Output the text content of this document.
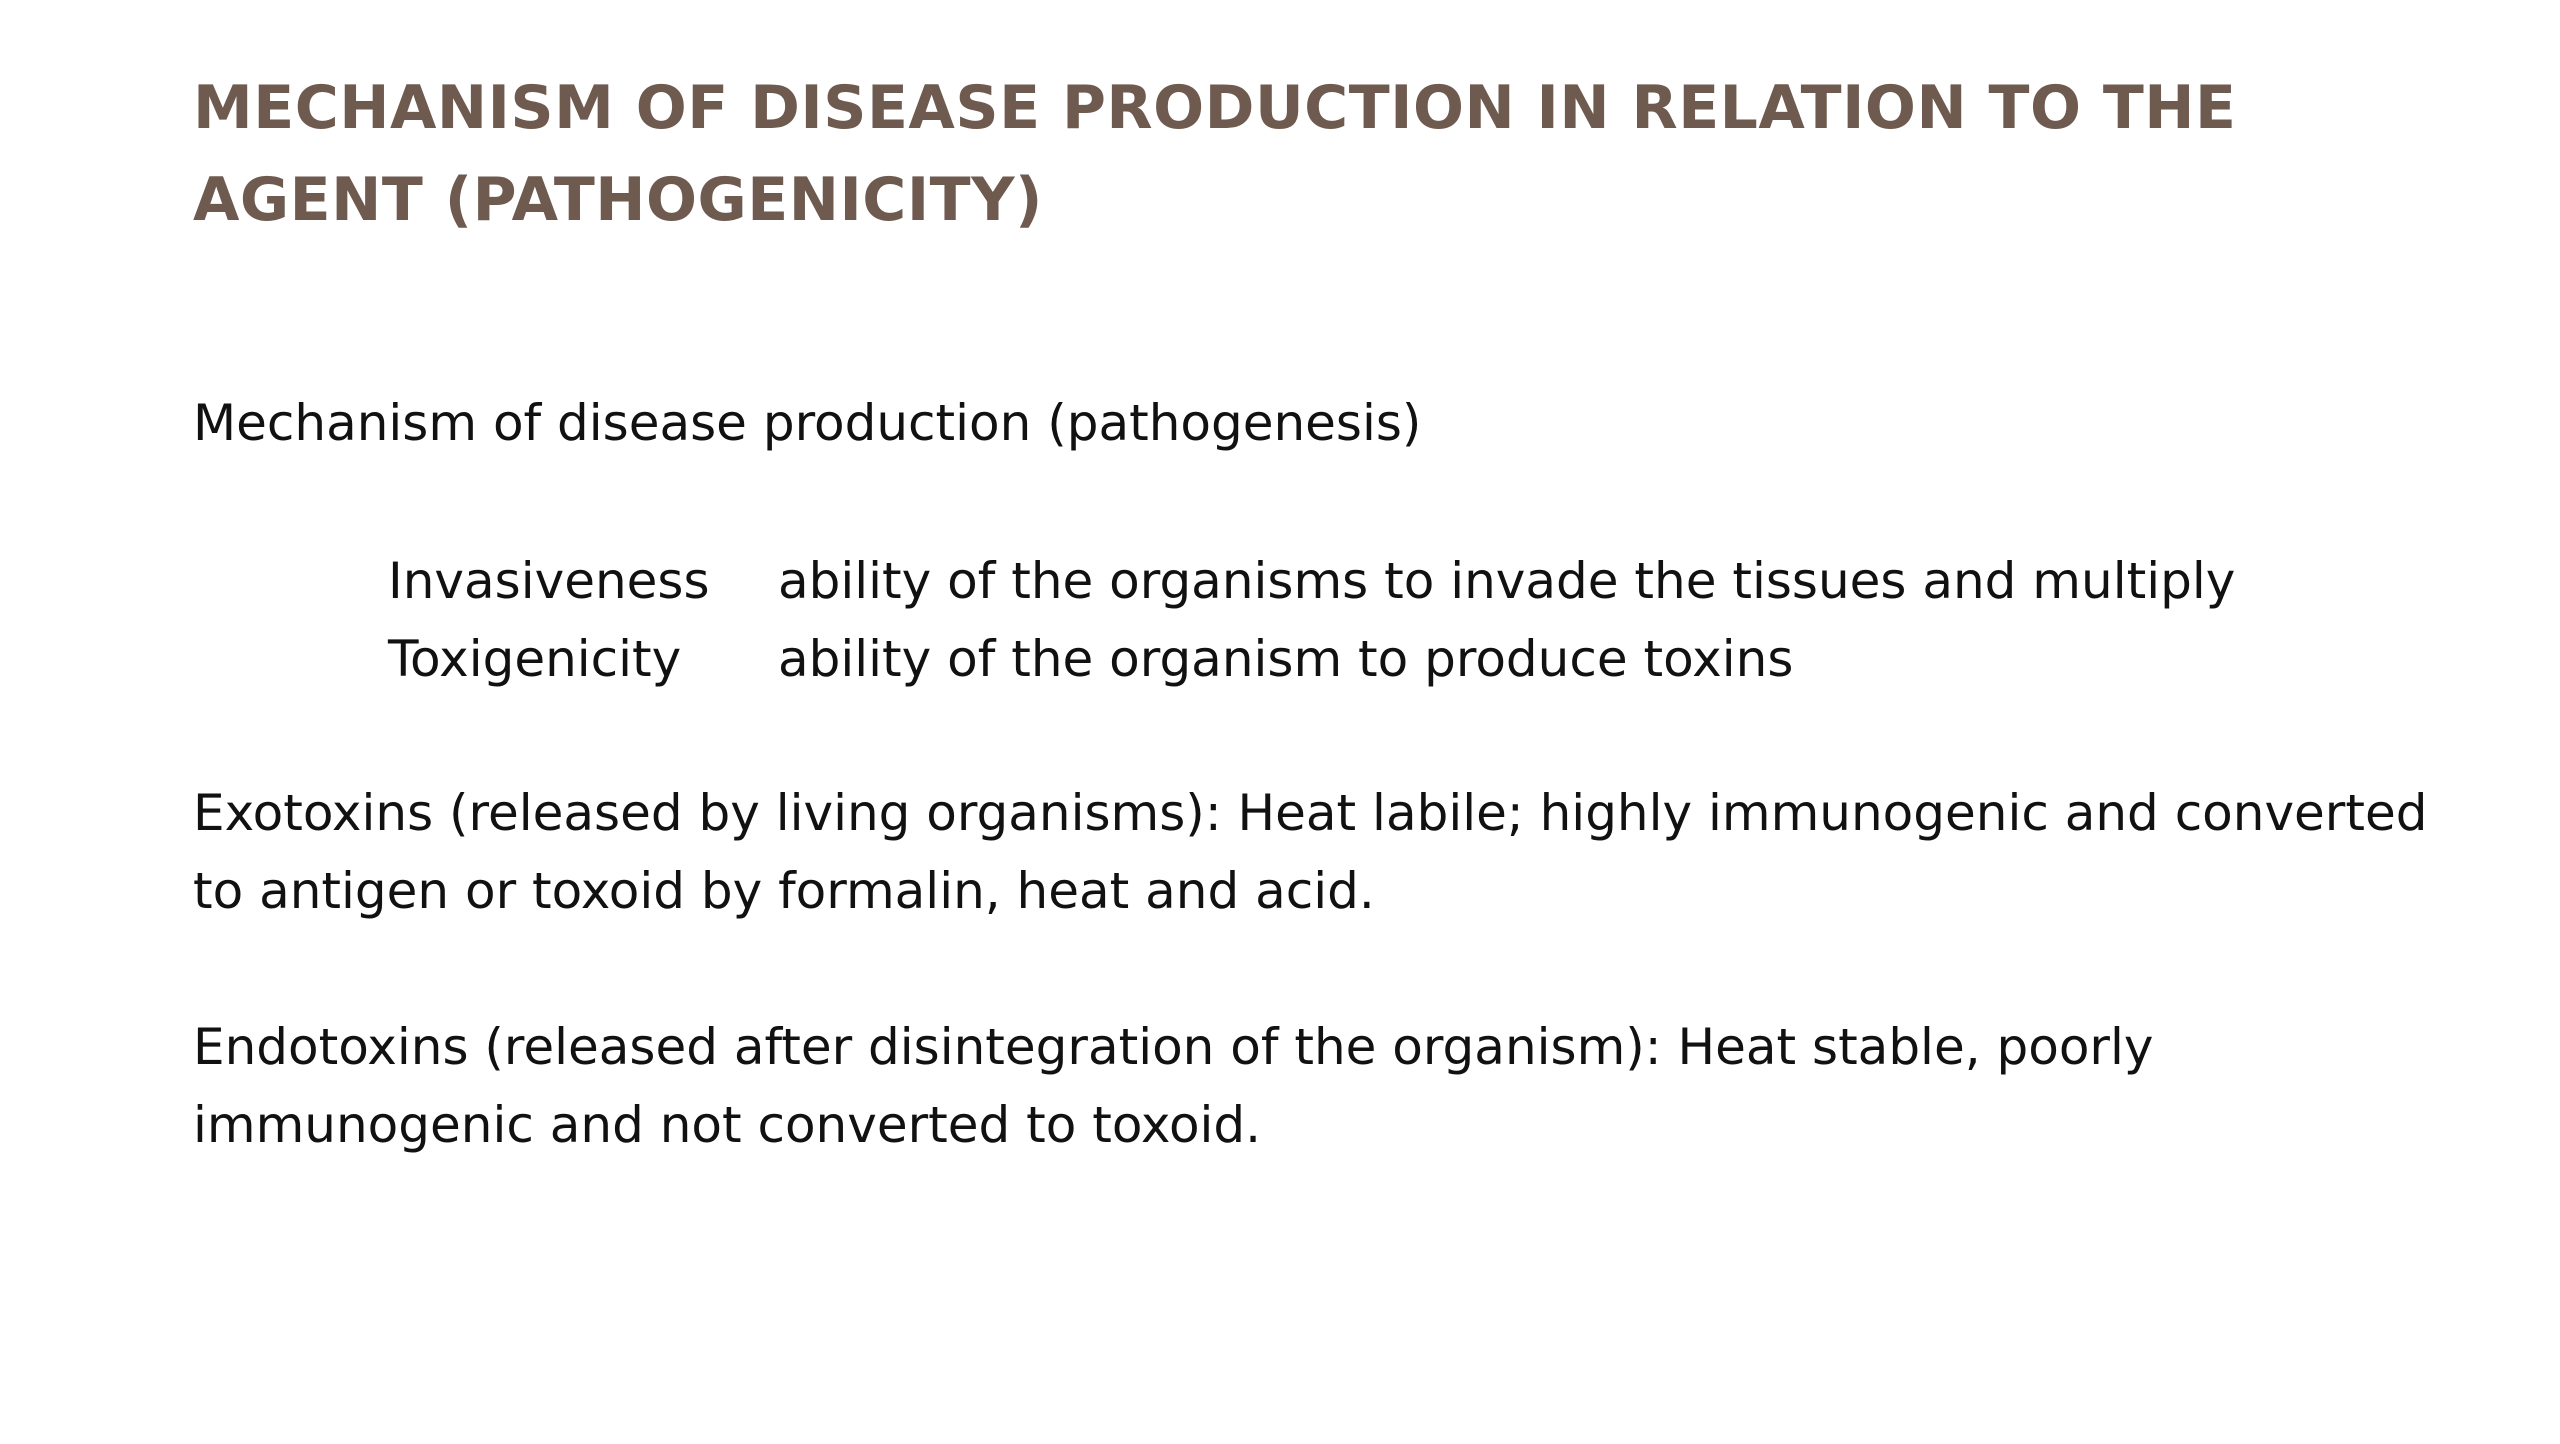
MECHANISM OF DISEASE PRODUCTION IN RELATION TO THE AGENT (PATHOGENICITY)

Mechanism of disease production (pathogenesis)

Invasiveness ability of the organisms to invade the tissues and multiply
Toxigenicity ability of the organism to produce toxins

Exotoxins (released by living organisms): Heat labile; highly immunogenic and converted to antigen or toxoid by formalin, heat and acid.

Endotoxins (released after disintegration of the organism): Heat stable, poorly immunogenic and not converted to toxoid.
